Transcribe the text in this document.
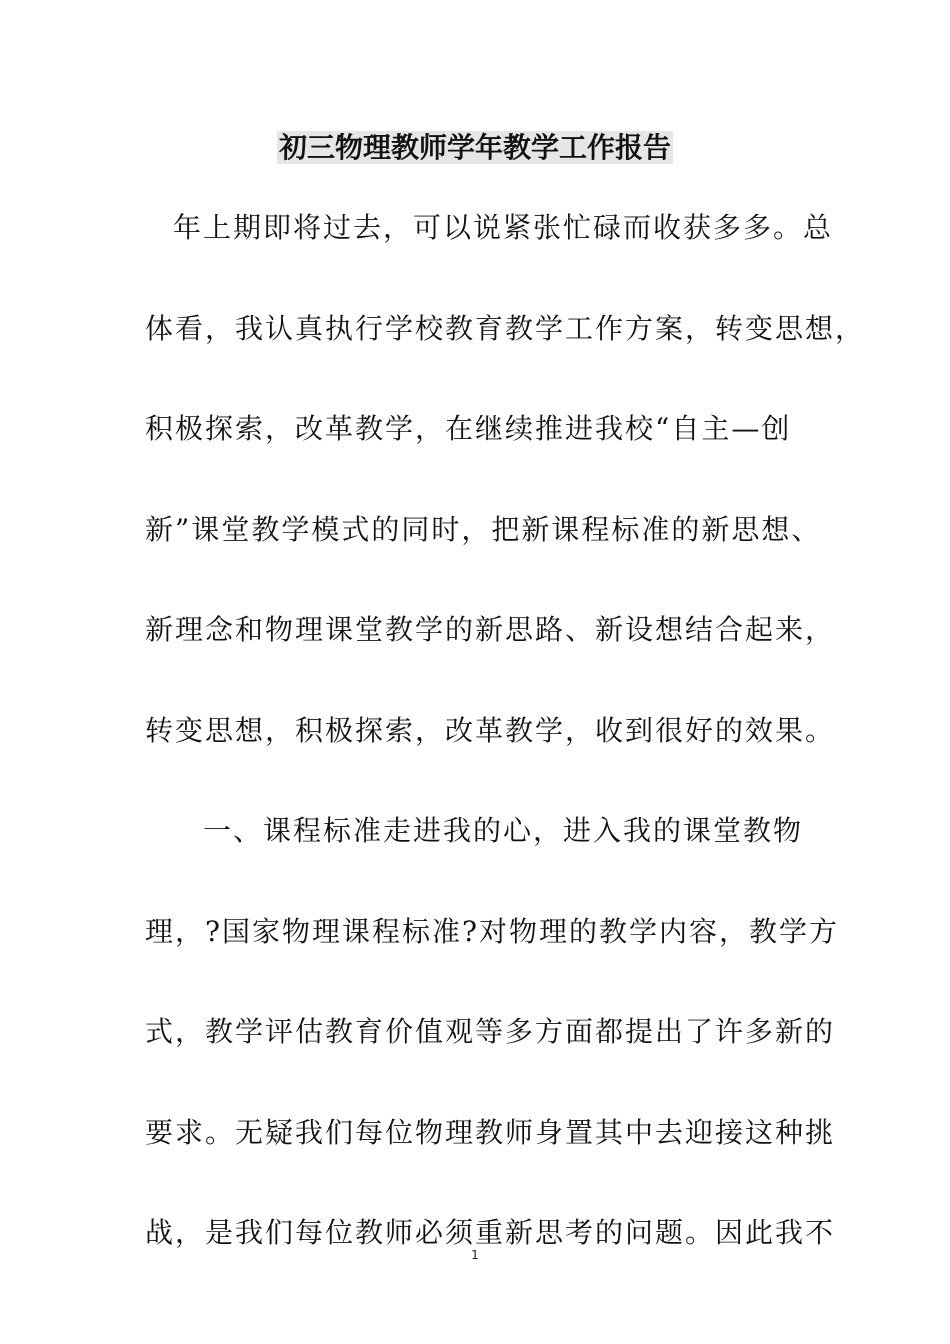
初三物理教师学年教学工作报告
年上期即将过去，可以说紧张忙碌而收获多多。总
体看，我认真执行学校教育教学工作方案，转变思想，
积极探索，改革教学，在继续推进我校“自主—创
新”课堂教学模式的同时，把新课程标准的新思想、
新理念和物理课堂教学的新思路、新设想结合起来，
转变思想，积极探索，改革教学，收到很好的效果。
一、课程标准走进我的心，进入我的课堂教物
理，?国家物理课程标准?对物理的教学内容，教学方
式，教学评估教育价值观等多方面都提出了许多新的
要求。无疑我们每位物理教师身置其中去迎接这种挑
战，是我们每位教师必须重新思考的问题。因此我不
1
